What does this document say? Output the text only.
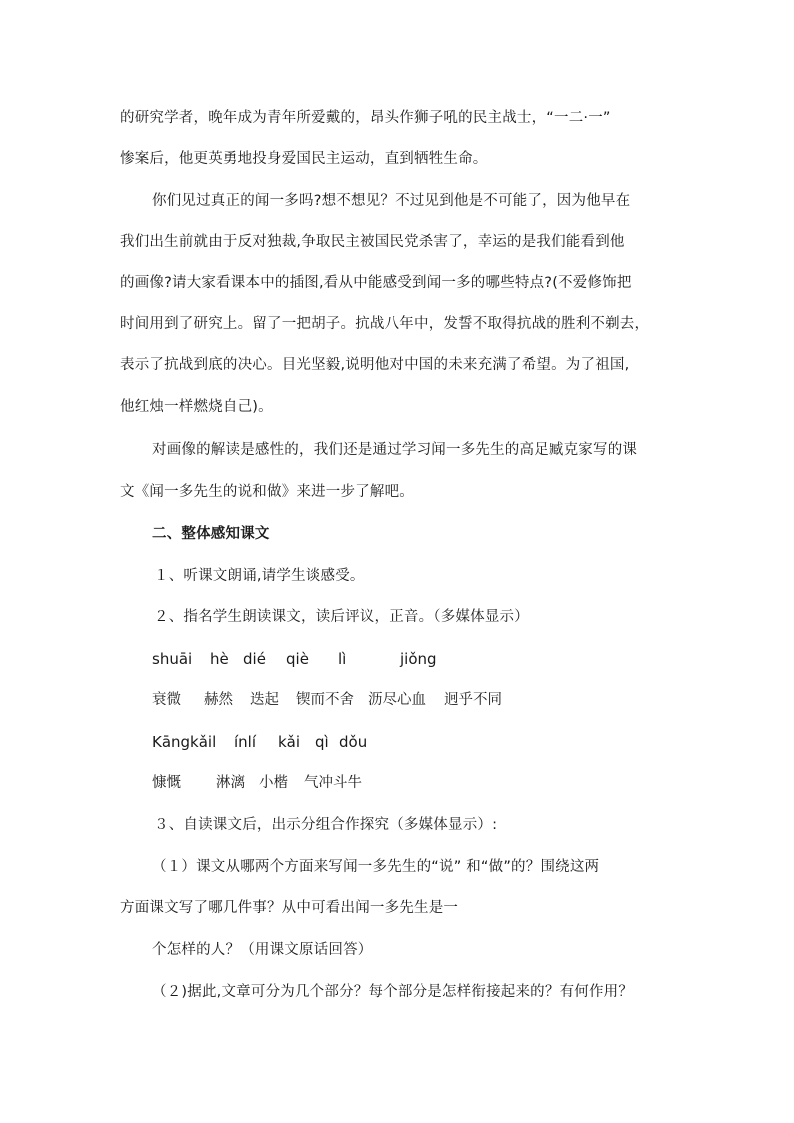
的研究学者，晚年成为青年所爱戴的，昂头作狮子吼的民主战士，“一二·一”
惨案后，他更英勇地投身爱国民主运动，直到牺牲生命。
你们见过真正的闻一多吗?想不想见？不过见到他是不可能了，因为他早在
我们出生前就由于反对独裁,争取民主被国民党杀害了，幸运的是我们能看到他
的画像?请大家看课本中的插图,看从中能感受到闻一多的哪些特点?(不爱修饰把
时间用到了研究上。留了一把胡子。抗战八年中，发誓不取得抗战的胜利不剃去，
表示了抗战到底的决心。目光坚毅,说明他对中国的未来充满了希望。为了祖国,
他红烛一样燃烧自己)。
对画像的解读是感性的，我们还是通过学习闻一多先生的高足臧克家写的课
文《闻一多先生的说和做》来进一步了解吧。
二、整体感知课文
１、听课文朗诵,请学生谈感受。
２、指名学生朗读课文，读后评议，正音。（多媒体显示）
shuāi hè dié qiè lì	jiǒng
衰微 赫然 迭起 锲而不舍 沥尽心血 迥乎不同
Kāngkǎil ínlí kǎi qì dǒu
慷慨 淋漓 小楷 气冲斗牛
３、自读课文后，出示分组合作探究（多媒体显示）:
（１）课文从哪两个方面来写闻一多先生的“说” 和“做”的？围绕这两
方面课文写了哪几件事？从中可看出闻一多先生是一
个怎样的人？（用课文原话回答）
（２)据此,文章可分为几个部分？每个部分是怎样衔接起来的？有何作用？
